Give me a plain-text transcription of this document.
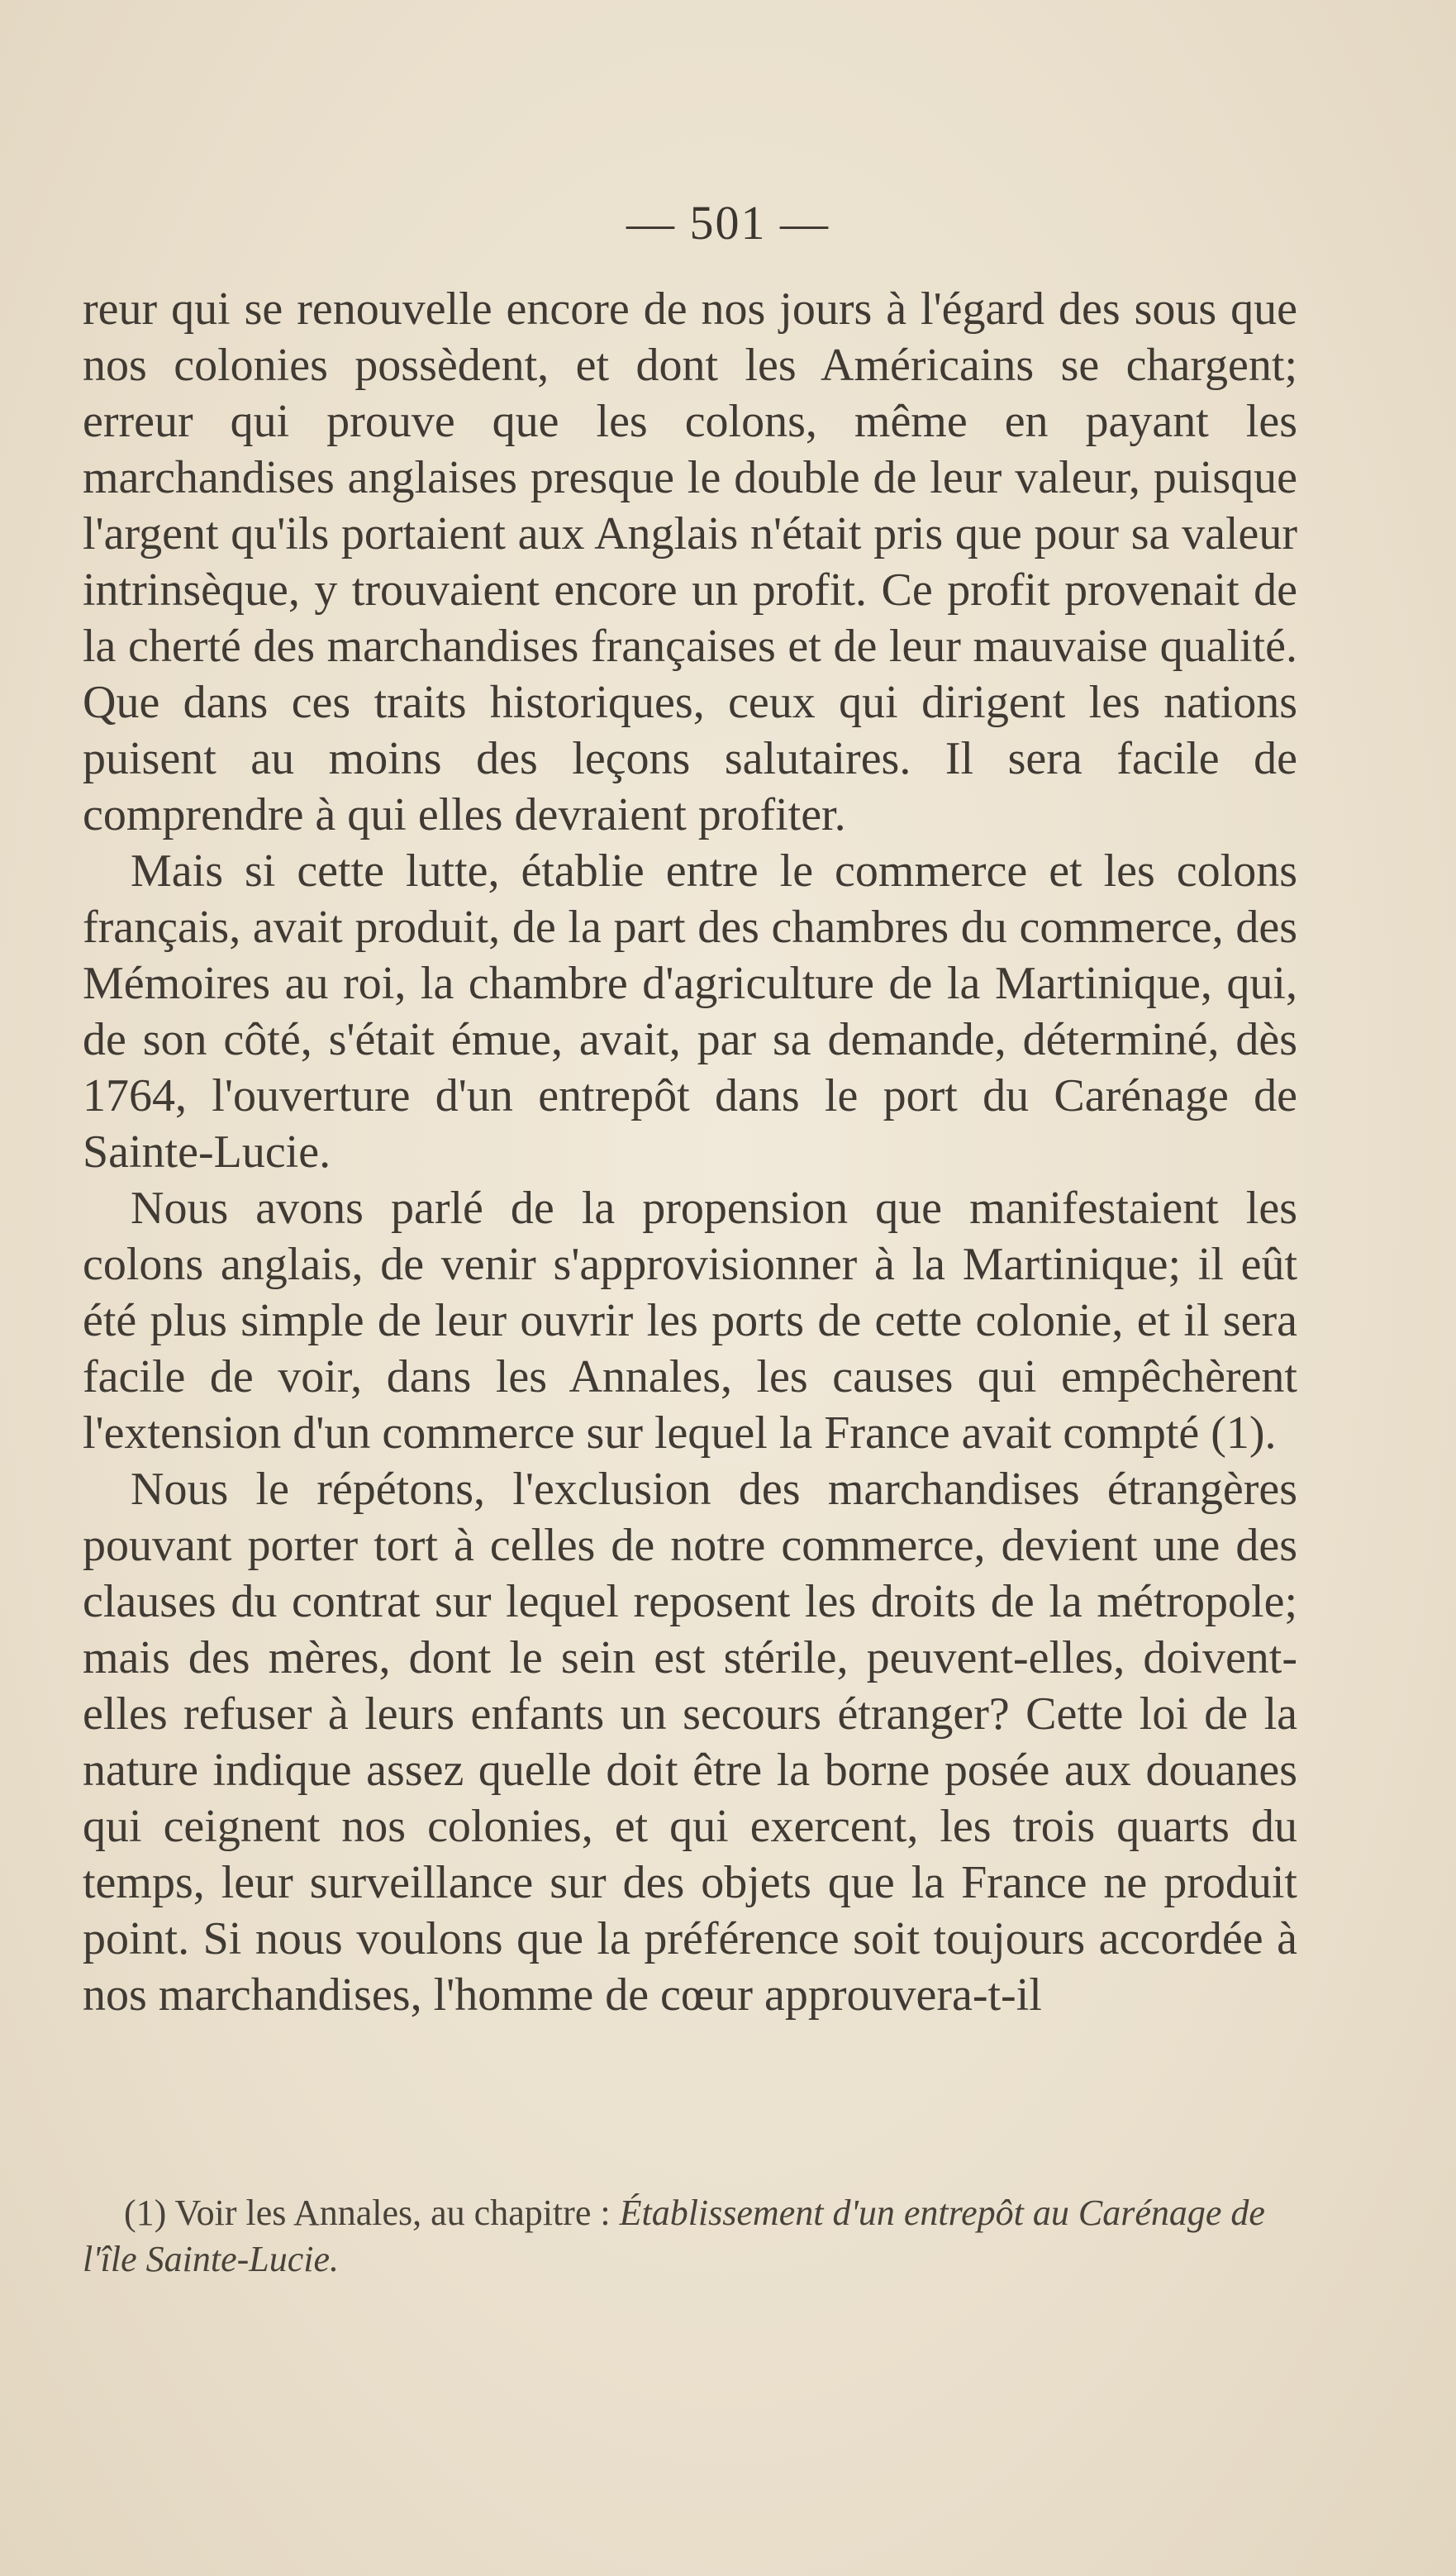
— 501 —

reur qui se renouvelle encore de nos jours à l'égard des sous que nos colonies possèdent, et dont les Américains se chargent; erreur qui prouve que les colons, même en payant les marchandises anglaises presque le double de leur valeur, puisque l'argent qu'ils portaient aux Anglais n'était pris que pour sa valeur intrinsèque, y trouvaient encore un profit. Ce profit provenait de la cherté des marchandises françaises et de leur mauvaise qualité. Que dans ces traits historiques, ceux qui dirigent les nations puisent au moins des leçons salutaires. Il sera facile de comprendre à qui elles devraient profiter.

Mais si cette lutte, établie entre le commerce et les colons français, avait produit, de la part des chambres du commerce, des Mémoires au roi, la chambre d'agriculture de la Martinique, qui, de son côté, s'était émue, avait, par sa demande, déterminé, dès 1764, l'ouverture d'un entrepôt dans le port du Carénage de Sainte-Lucie.

Nous avons parlé de la propension que manifestaient les colons anglais, de venir s'approvisionner à la Martinique; il eût été plus simple de leur ouvrir les ports de cette colonie, et il sera facile de voir, dans les Annales, les causes qui empêchèrent l'extension d'un commerce sur lequel la France avait compté (1).

Nous le répétons, l'exclusion des marchandises étrangères pouvant porter tort à celles de notre commerce, devient une des clauses du contrat sur lequel reposent les droits de la métropole; mais des mères, dont le sein est stérile, peuvent-elles, doivent-elles refuser à leurs enfants un secours étranger? Cette loi de la nature indique assez quelle doit être la borne posée aux douanes qui ceignent nos colonies, et qui exercent, les trois quarts du temps, leur surveillance sur des objets que la France ne produit point. Si nous voulons que la préférence soit toujours accordée à nos marchandises, l'homme de cœur approuvera-t-il

(1) Voir les Annales, au chapitre : Établissement d'un entrepôt au Carénage de l'île Sainte-Lucie.
